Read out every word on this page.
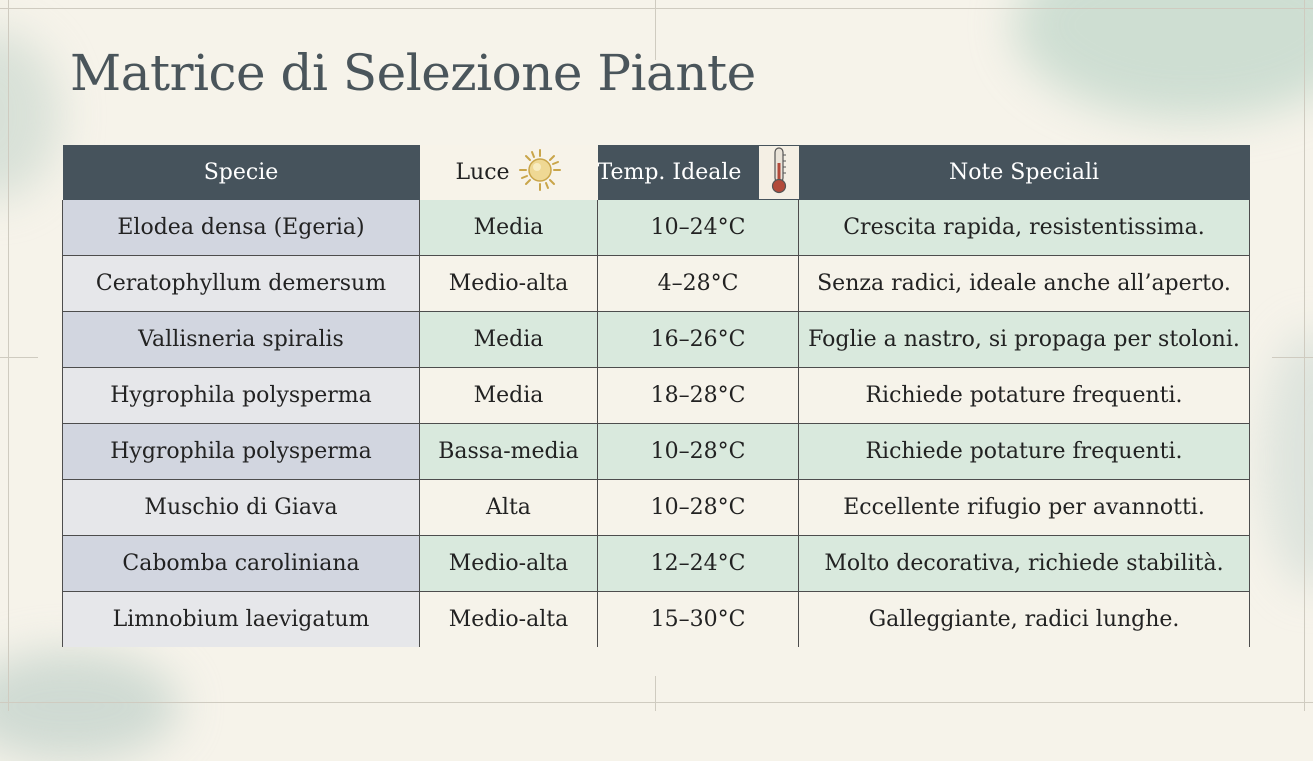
Matrice di Selezione Piante
Specie	Luce	Temp. Ideale	Note Speciali
Elodea densa (Egeria)	Media	10–24°C	Crescita rapida, resistentissima.
Ceratophyllum demersum	Medio-alta	4–28°C	Senza radici, ideale anche all’aperto.
Vallisneria spiralis	Media	16–26°C	Foglie a nastro, si propaga per stoloni.
Hygrophila polysperma	Media	18–28°C	Richiede potature frequenti.
Hygrophila polysperma	Bassa-media	10–28°C	Richiede potature frequenti.
Muschio di Giava	Alta	10–28°C	Eccellente rifugio per avannotti.
Cabomba caroliniana	Medio-alta	12–24°C	Molto decorativa, richiede stabilità.
Limnobium laevigatum	Medio-alta	15–30°C	Galleggiante, radici lunghe.
